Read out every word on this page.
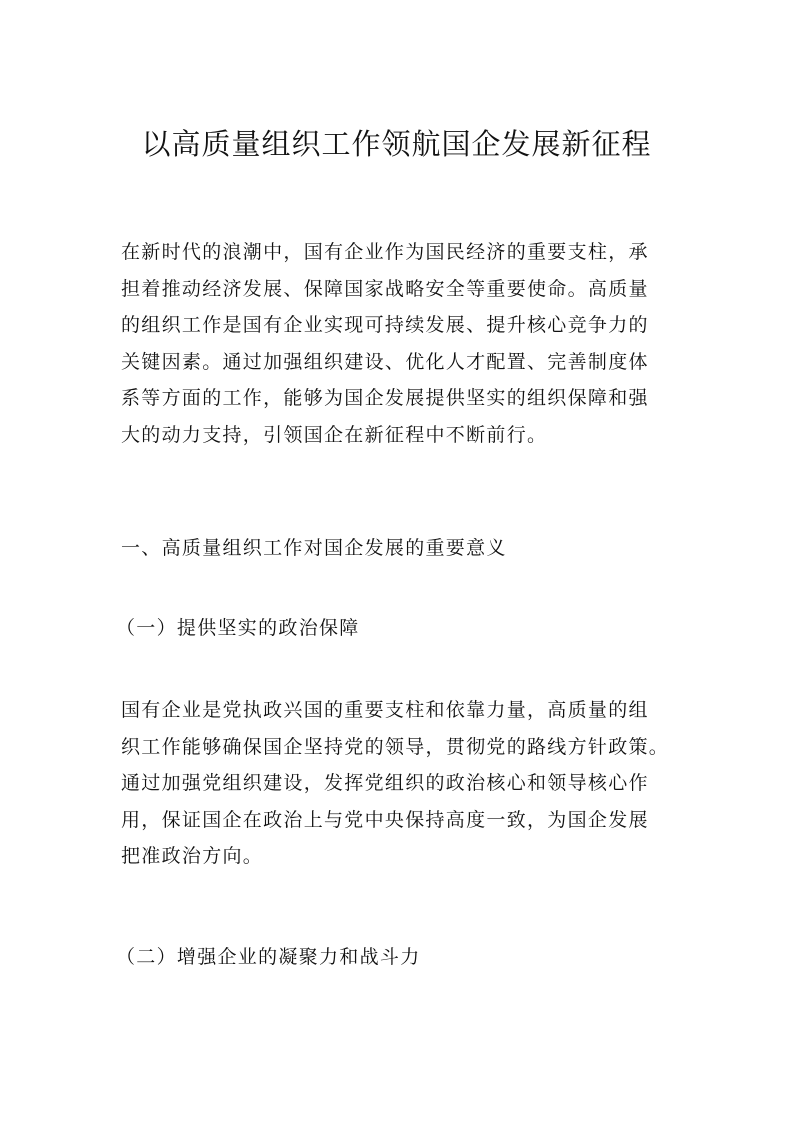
以高质量组织工作领航国企发展新征程

在新时代的浪潮中，国有企业作为国民经济的重要支柱，承
担着推动经济发展、保障国家战略安全等重要使命。高质量
的组织工作是国有企业实现可持续发展、提升核心竞争力的
关键因素。通过加强组织建设、优化人才配置、完善制度体
系等方面的工作，能够为国企发展提供坚实的组织保障和强
大的动力支持，引领国企在新征程中不断前行。

一、高质量组织工作对国企发展的重要意义
（一）提供坚实的政治保障

国有企业是党执政兴国的重要支柱和依靠力量，高质量的组
织工作能够确保国企坚持党的领导，贯彻党的路线方针政策。
通过加强党组织建设，发挥党组织的政治核心和领导核心作
用，保证国企在政治上与党中央保持高度一致，为国企发展
把准政治方向。

（二）增强企业的凝聚力和战斗力
